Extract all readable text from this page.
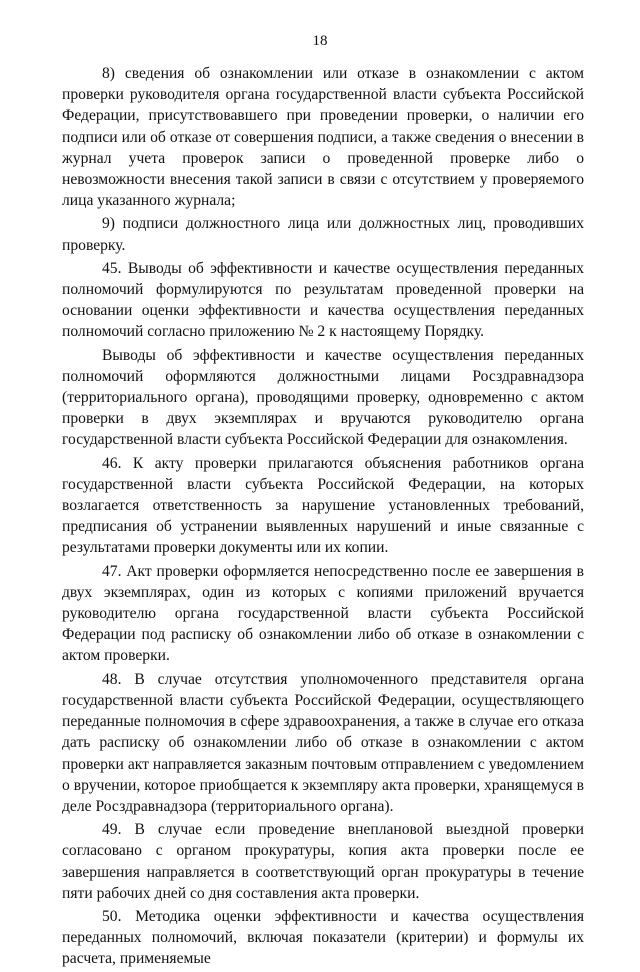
18

8) сведения об ознакомлении или отказе в ознакомлении с актом проверки руководителя органа государственной власти субъекта Российской Федерации, присутствовавшего при проведении проверки, о наличии его подписи или об отказе от совершения подписи, а также сведения о внесении в журнал учета проверок записи о проведенной проверке либо о невозможности внесения такой записи в связи с отсутствием у проверяемого лица указанного журнала;

9) подписи должностного лица или должностных лиц, проводивших проверку.

45. Выводы об эффективности и качестве осуществления переданных полномочий формулируются по результатам проведенной проверки на основании оценки эффективности и качества осуществления переданных полномочий согласно приложению № 2 к настоящему Порядку.

Выводы об эффективности и качестве осуществления переданных полномочий оформляются должностными лицами Росздравнадзора (территориального органа), проводящими проверку, одновременно с актом проверки в двух экземплярах и вручаются руководителю органа государственной власти субъекта Российской Федерации для ознакомления.

46. К акту проверки прилагаются объяснения работников органа государственной власти субъекта Российской Федерации, на которых возлагается ответственность за нарушение установленных требований, предписания об устранении выявленных нарушений и иные связанные с результатами проверки документы или их копии.

47. Акт проверки оформляется непосредственно после ее завершения в двух экземплярах, один из которых с копиями приложений вручается руководителю органа государственной власти субъекта Российской Федерации под расписку об ознакомлении либо об отказе в ознакомлении с актом проверки.

48. В случае отсутствия уполномоченного представителя органа государственной власти субъекта Российской Федерации, осуществляющего переданные полномочия в сфере здравоохранения, а также в случае его отказа дать расписку об ознакомлении либо об отказе в ознакомлении с актом проверки акт направляется заказным почтовым отправлением с уведомлением о вручении, которое приобщается к экземпляру акта проверки, хранящемуся в деле Росздравнадзора (территориального органа).

49. В случае если проведение внеплановой выездной проверки согласовано с органом прокуратуры, копия акта проверки после ее завершения направляется в соответствующий орган прокуратуры в течение пяти рабочих дней со дня составления акта проверки.

50. Методика оценки эффективности и качества осуществления переданных полномочий, включая показатели (критерии) и формулы их расчета, применяемые
